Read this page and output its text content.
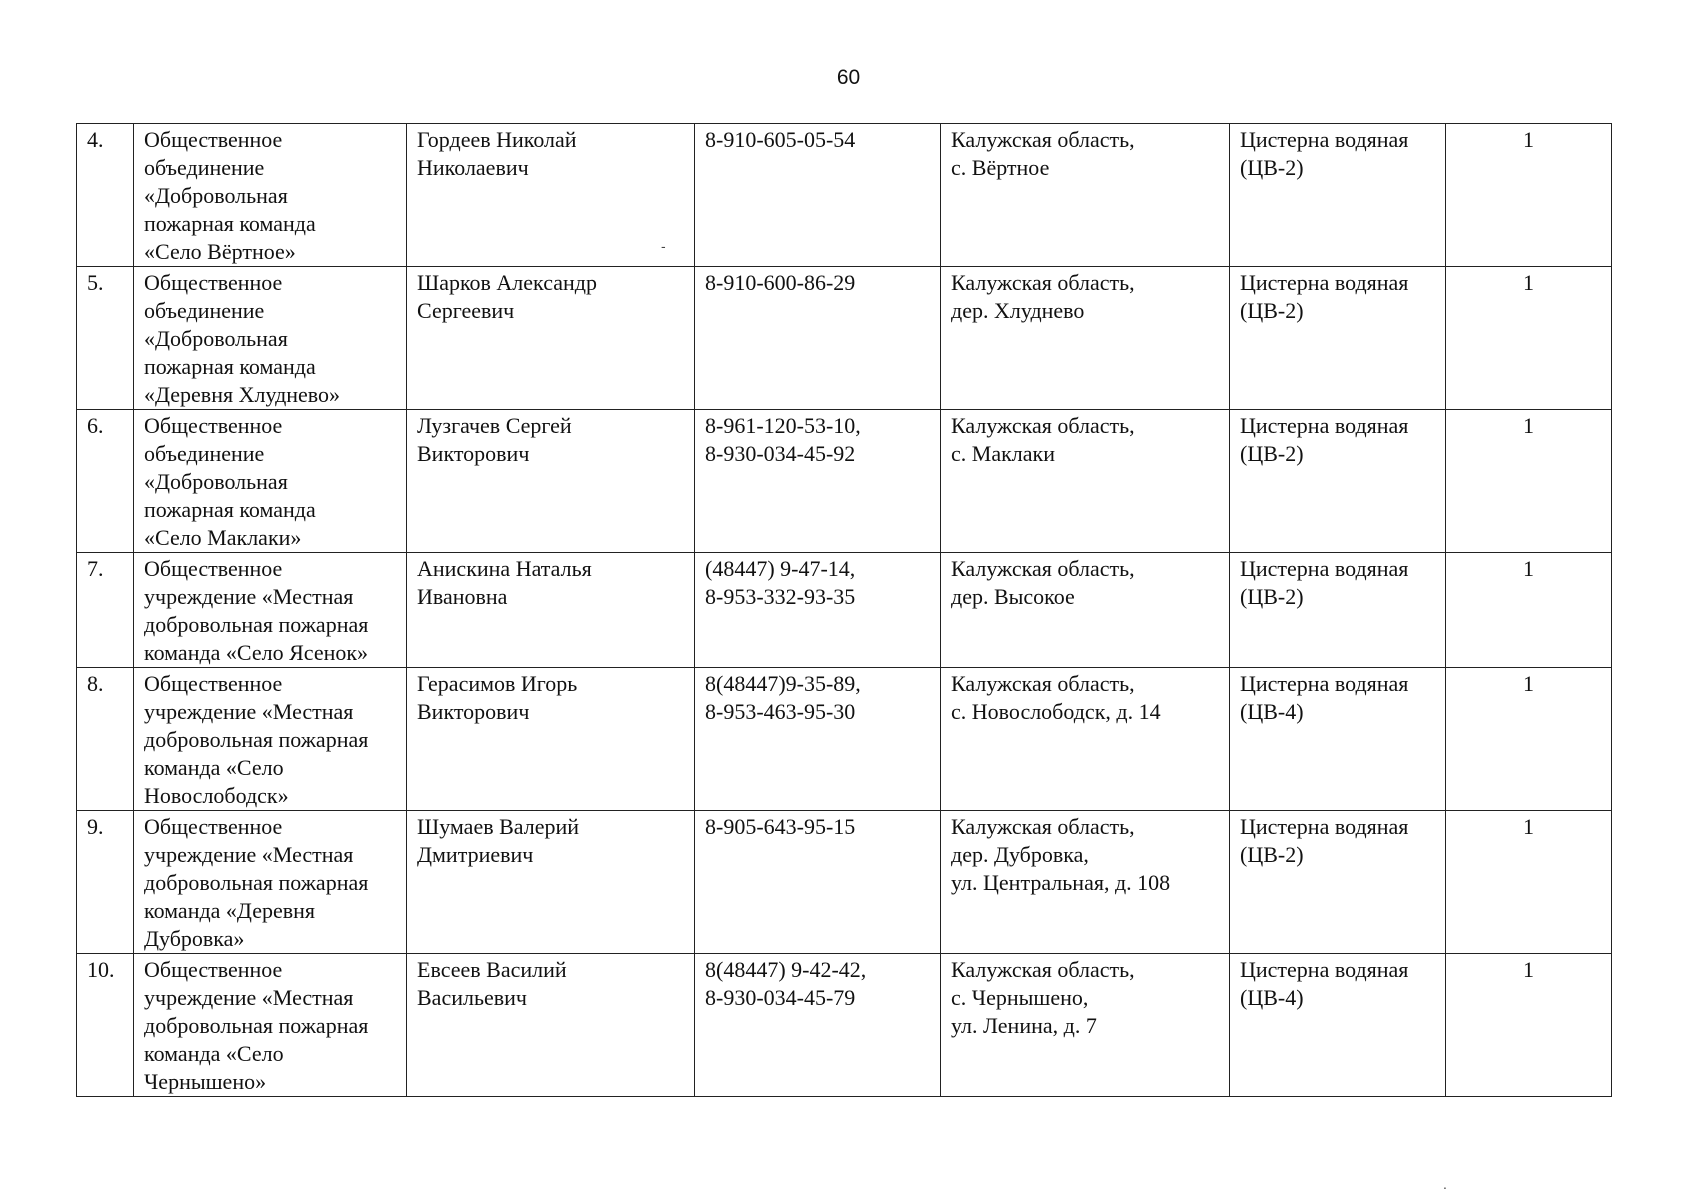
60
4.	Общественное
объединение
«Добровольная
пожарная команда
«Село Вёртное»	Гордеев Николай
Николаевич	8-910-605-05-54	Калужская область,
с. Вёртное	Цистерна водяная
(ЦВ-2)	1

5.	Общественное
объединение
«Добровольная
пожарная команда
«Деревня Хлуднево»	Шарков Александр
Сергеевич	8-910-600-86-29	Калужская область,
дер. Хлуднево	Цистерна водяная
(ЦВ-2)	1

6.	Общественное
объединение
«Добровольная
пожарная команда
«Село Маклаки»	Лузгачев Сергей
Викторович	8-961-120-53-10,
8-930-034-45-92	Калужская область,
с. Маклаки	Цистерна водяная
(ЦВ-2)	1

7.	Общественное
учреждение «Местная
добровольная пожарная
команда «Село Ясенок»	Анискина Наталья
Ивановна	(48447) 9-47-14,
8-953-332-93-35	Калужская область,
дер. Высокое	Цистерна водяная
(ЦВ-2)	1

8.	Общественное
учреждение «Местная
добровольная пожарная
команда «Село
Новослободск»	Герасимов Игорь
Викторович	8(48447)9-35-89,
8-953-463-95-30	Калужская область,
с. Новослободск, д. 14	Цистерна водяная
(ЦВ-4)	1

9.	Общественное
учреждение «Местная
добровольная пожарная
команда «Деревня
Дубровка»	Шумаев Валерий
Дмитриевич	8-905-643-95-15	Калужская область,
дер. Дубровка,
ул. Центральная, д. 108	Цистерна водяная
(ЦВ-2)	1

10.	Общественное
учреждение «Местная
добровольная пожарная
команда «Село
Чернышено»	Евсеев Василий
Васильевич	8(48447) 9-42-42,
8-930-034-45-79	Калужская область,
с. Чернышено,
ул. Ленина, д. 7	Цистерна водяная
(ЦВ-4)	1
-
.
